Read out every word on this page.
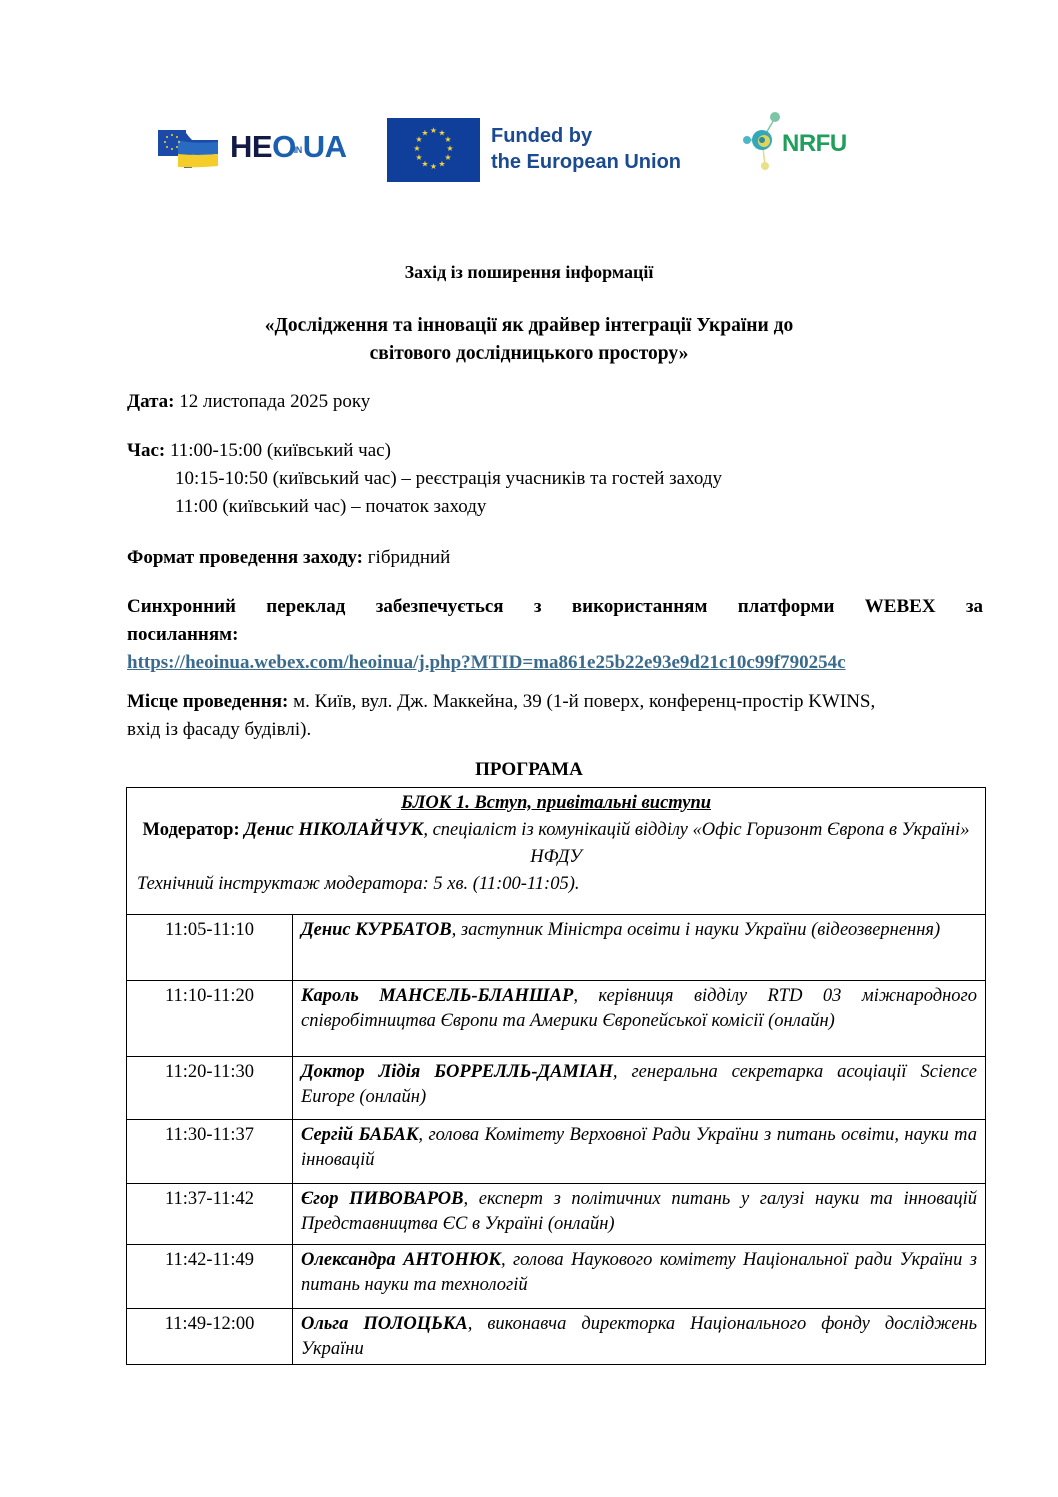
HEOINUA	★ ★
★
★
★
★
★
★
★
★
★
★	Funded by
the European Union
NRFU
Захід із поширення інформації
«Дослідження та інновації як драйвер інтеграції України до
світового дослідницького простору»
Дата: 12 листопада 2025 року
Час: 11:00-15:00 (київський час)
10:15-10:50 (київський час) – реєстрація учасників та гостей заходу
11:00 (київський час) – початок заходу
Формат проведення заходу: гібридний
Синхронний переклад забезпечується з використанням платформи WEBEX за
посиланням:
https://heoinua.webex.com/heoinua/j.php?MTID=ma861e25b22e93e9d21c10c99f790254c
Місце проведення: м. Київ, вул. Дж. Маккейна, 39 (1-й поверх, конференц-простір KWINS,
вхід із фасаду будівлі).
ПРОГРАМА
БЛОК 1. Вступ, привітальні виступи
Модератор: Денис НІКОЛАЙЧУК, спеціаліст із комунікацій відділу «Офіс Горизонт Європа в Україні» НФДУ
Технічний інструктаж модератора: 5 хв. (11:00-11:05).	

11:05-11:10	Денис КУРБАТОВ, заступник Міністра освіти і науки України (відеозвернення)
11:10-11:20	Кароль МАНСЕЛЬ-БЛАНШАР, керівниця відділу RTD 03 міжнародного співробітництва Європи та Америки Європейської комісії (онлайн)
11:20-11:30	Доктор Лідія БОРРЕЛЛЬ-ДАМІАН, генеральна секретарка асоціації Science Europe (онлайн)
11:30-11:37	Сергій БАБАК, голова Комітету Верховної Ради України з питань освіти, науки та інновацій
11:37-11:42	Єгор ПИВОВАРОВ, експерт з політичних питань у галузі науки та інновацій Представництва ЄС в Україні (онлайн)
11:42-11:49	Олександра АНТОНЮК, голова Наукового комітету Національної ради України з питань науки та технологій
11:49-12:00	Ольга ПОЛОЦЬКА, виконавча директорка Національного фонду досліджень України
